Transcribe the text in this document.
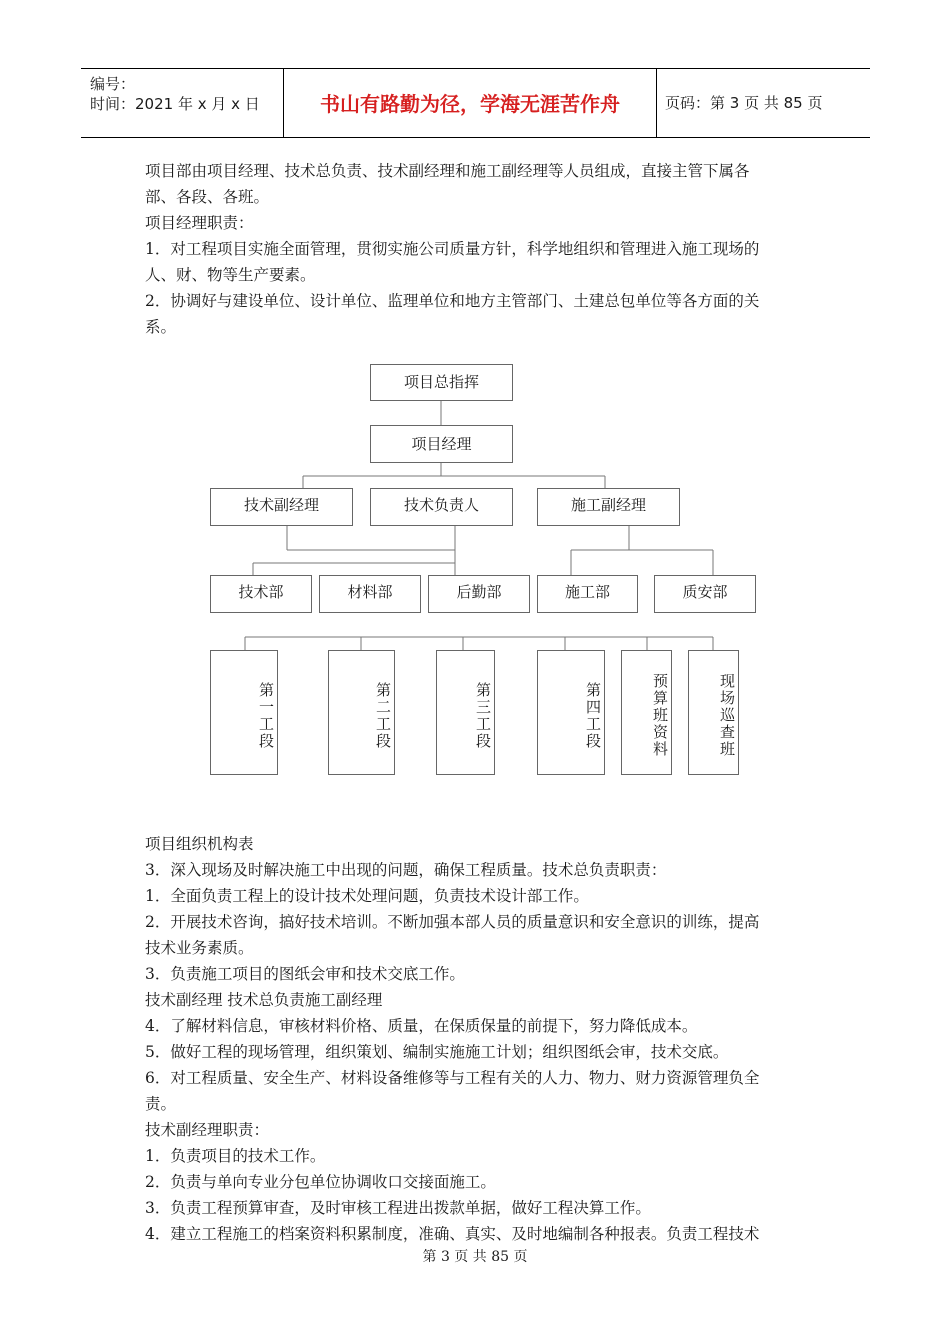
编号：
时间：2021 年 x 月 x 日	书山有路勤为径，学海无涯苦作舟	页码：第 3 页 共 85 页

项目部由项目经理、技术总负责、技术副经理和施工副经理等人员组成，直接主管下属各

部、各段、各班。

项目经理职责：

1．对工程项目实施全面管理，贯彻实施公司质量方针，科学地组织和管理进入施工现场的

人、财、物等生产要素。

2．协调好与建设单位、设计单位、监理单位和地方主管部门、土建总包单位等各方面的关

系。

项目总指挥
项目经理
技术副经理	技术负责人	施工副经理
技术部	材料部	后勤部	施工部	质安部
第一工段	第二工段	第三工段	第四工段	预算班资料	现场巡查班

项目组织机构表

3．深入现场及时解决施工中出现的问题，确保工程质量。技术总负责职责：

1．全面负责工程上的设计技术处理问题，负责技术设计部工作。

2．开展技术咨询，搞好技术培训。不断加强本部人员的质量意识和安全意识的训练，提高

技术业务素质。

3．负责施工项目的图纸会审和技术交底工作。

技术副经理 技术总负责施工副经理

4．了解材料信息，审核材料价格、质量，在保质保量的前提下，努力降低成本。

5．做好工程的现场管理，组织策划、编制实施施工计划；组织图纸会审，技术交底。

6．对工程质量、安全生产、材料设备维修等与工程有关的人力、物力、财力资源管理负全

责。

技术副经理职责：

1．负责项目的技术工作。

2．负责与单向专业分包单位协调收口交接面施工。

3．负责工程预算审查，及时审核工程进出拨款单据，做好工程决算工作。

4．建立工程施工的档案资料积累制度，准确、真实、及时地编制各种报表。负责工程技术

第 3 页 共 85 页
